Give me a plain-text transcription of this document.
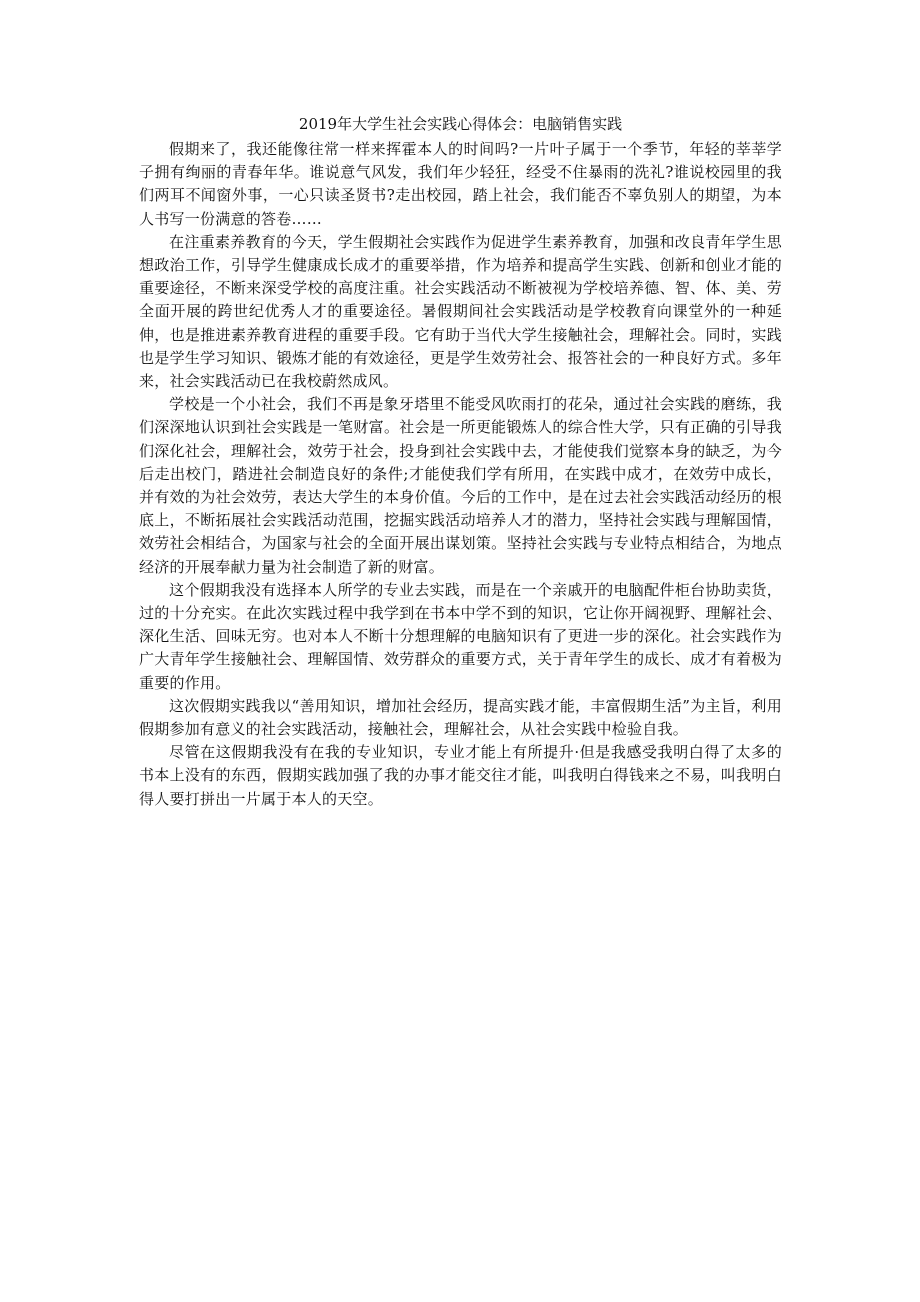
2019年大学生社会实践心得体会：电脑销售实践

假期来了，我还能像往常一样来挥霍本人的时间吗?一片叶子属于一个季节，年轻的莘莘学子拥有绚丽的青春年华。谁说意气风发，我们年少轻狂，经受不住暴雨的洗礼?谁说校园里的我们两耳不闻窗外事，一心只读圣贤书?走出校园，踏上社会，我们能否不辜负别人的期望，为本人书写一份满意的答卷……

在注重素养教育的今天，学生假期社会实践作为促进学生素养教育，加强和改良青年学生思想政治工作，引导学生健康成长成才的重要举措，作为培养和提高学生实践、创新和创业才能的重要途径，不断来深受学校的高度注重。社会实践活动不断被视为学校培养德、智、体、美、劳全面开展的跨世纪优秀人才的重要途径。暑假期间社会实践活动是学校教育向课堂外的一种延伸，也是推进素养教育进程的重要手段。它有助于当代大学生接触社会，理解社会。同时，实践也是学生学习知识、锻炼才能的有效途径，更是学生效劳社会、报答社会的一种良好方式。多年来，社会实践活动已在我校蔚然成风。

学校是一个小社会，我们不再是象牙塔里不能受风吹雨打的花朵，通过社会实践的磨练，我们深深地认识到社会实践是一笔财富。社会是一所更能锻炼人的综合性大学，只有正确的引导我们深化社会，理解社会，效劳于社会，投身到社会实践中去，才能使我们觉察本身的缺乏，为今后走出校门，踏进社会制造良好的条件;才能使我们学有所用，在实践中成才，在效劳中成长，并有效的为社会效劳，表达大学生的本身价值。今后的工作中，是在过去社会实践活动经历的根底上，不断拓展社会实践活动范围，挖掘实践活动培养人才的潜力，坚持社会实践与理解国情，效劳社会相结合，为国家与社会的全面开展出谋划策。坚持社会实践与专业特点相结合，为地点经济的开展奉献力量为社会制造了新的财富。

这个假期我没有选择本人所学的专业去实践，而是在一个亲戚开的电脑配件柜台协助卖货，过的十分充实。在此次实践过程中我学到在书本中学不到的知识，它让你开阔视野、理解社会、深化生活、回味无穷。也对本人不断十分想理解的电脑知识有了更进一步的深化。社会实践作为广大青年学生接触社会、理解国情、效劳群众的重要方式，关于青年学生的成长、成才有着极为重要的作用。

这次假期实践我以“善用知识，增加社会经历，提高实践才能，丰富假期生活”为主旨，利用假期参加有意义的社会实践活动，接触社会，理解社会，从社会实践中检验自我。

尽管在这假期我没有在我的专业知识，专业才能上有所提升·但是我感受我明白得了太多的书本上没有的东西，假期实践加强了我的办事才能交往才能，叫我明白得钱来之不易，叫我明白得人要打拼出一片属于本人的天空。
